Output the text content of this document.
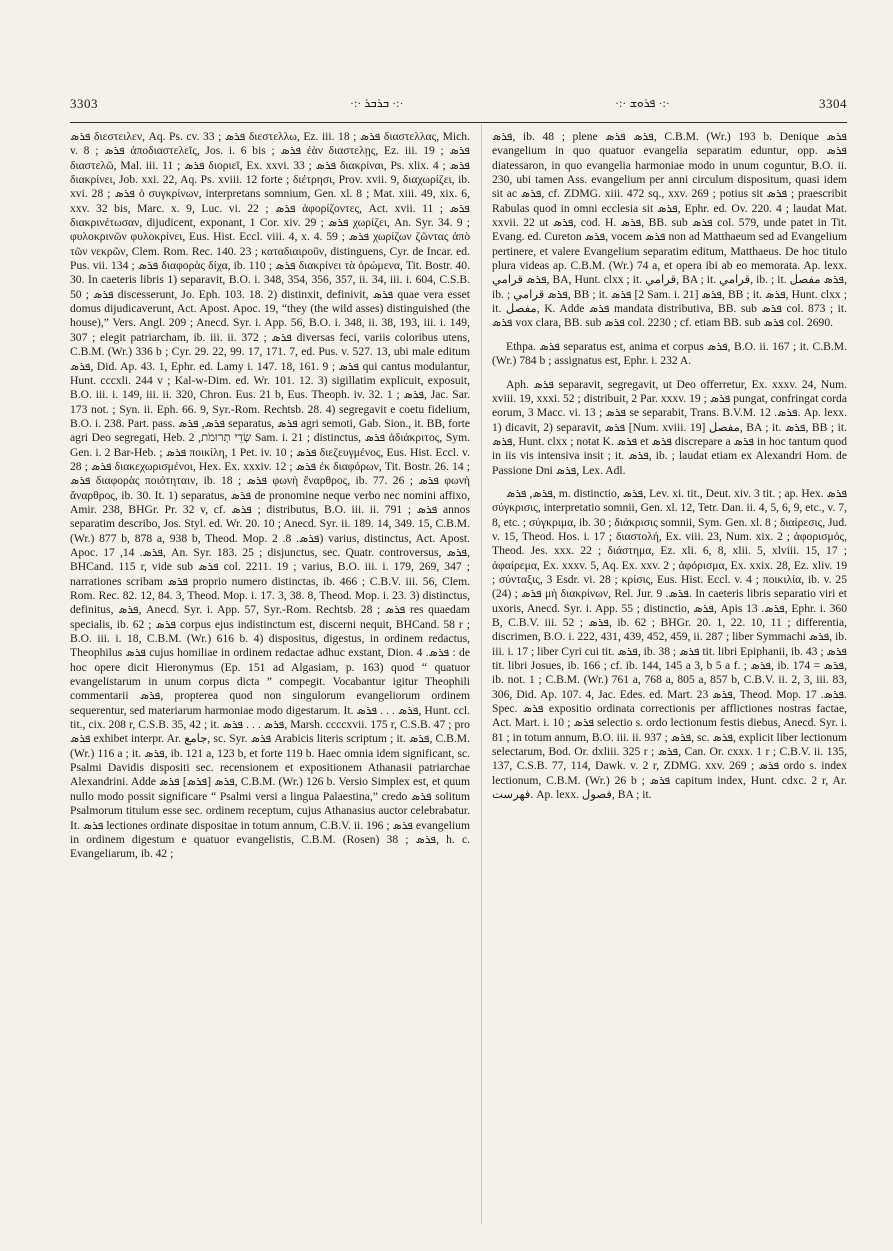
3303	·:· ܒܪܒܪ ·:·	·:· ܦܪܘܫ ·:·	3304

ܦܪܣ διεστειλεν, Aq. Ps. cv. 33 ; ܦܪܣ διεστελλω, Ez. iii. 18 ; ܦܪܣ διαστελλας, Mich. v. 8 ; ܦܪܣ ἀποδιαστελεῖς, Jos. i. 6 bis ; ܦܪܣ ἐὰν διαστελῃς, Ez. iii. 19 ; ܦܪܣ διαστελῶ, Mal. iii. 11 ; ܦܪܣ διοριεῖ, Ex. xxvi. 33 ; ܦܪܣ διακρίναι, Ps. xlix. 4 ; ܦܪܣ διακρίνει, Job. xxi. 22, Aq. Ps. xviii. 12 forte ; διέτρησι, Prov. xvii. 9, διαχωρίζει, ib. xvi. 28 ; ܦܪܣ ὁ συγκρίνων, interpretans somnium, Gen. xl. 8 ; Mat. xiii. 49, xix. 6, xxv. 32 bis, Marc. x. 9, Luc. vi. 22 ; ܦܪܣ ἀφορίζοντες, Act. xvii. 11 ; ܦܪܣ διακρινέτωσαν, dijudicent, exponant, 1 Cor. xiv. 29 ; ܦܪܣ χωρίζει, An. Syr. 34. 9 ; φυλοκρινῶν φυλοκρίνει, Eus. Hist. Eccl. viii. 4, x. 4. 59 ; ܦܪܣ χωρίζων ζῶντας ἀπὸ τῶν νεκρῶν, Clem. Rom. Rec. 140. 23 ; καταδιαιροῦν, distinguens, Cyr. de Incar. ed. Pus. vii. 134 ; ܦܪܣ διαφορὰς δίχα, ib. 110 ; ܦܪܣ διακρίνει τὰ ὁρώμενα, Tit. Bostr. 40. 30. In caeteris libris 1) separavit, B.O. i. 348, 354, 356, 357, ii. 34, iii. i. 604, C.S.B. 50 ; ܦܪܣ discesserunt, Jo. Eph. 103. 18. 2) distinxit, definivit, ܦܪܣ quae vera esset domus dijudicaverunt, Act. Apost. Apoc. 19, “they (the wild asses) distinguished (the house),” Vers. Angl. 209 ; Anecd. Syr. i. App. 56, B.O. i. 348, ii. 38, 193, iii. i. 149, 307 ; elegit patriarcham, ib. iii. ii. 372 ; ܦܪܣ diversas feci, variis coloribus utens, C.B.M. (Wr.) 336 b ; Cyr. 29. 22, 99. 17, 171. 7, ed. Pus. v. 527. 13, ubi male editum ܦܪܣ, Did. Ap. 43. 1, Ephr. ed. Lamy i. 147. 18, 161. 9 ; ܦܪܣ qui cantus modulantur, Hunt. cccxli. 244 v ; Kal-w-Dim. ed. Wr. 101. 12. 3) sigillatim explicuit, exposuit, B.O. iii. i. 149, iii. ii. 320, Chron. Eus. 21 b, Eus. Theoph. iv. 32. 1 ; ܦܪܣ, Jac. Sar. 173 not. ; Syn. ii. Eph. 66. 9, Syr.-Rom. Rechtsb. 28. 4) segregavit e coetu fidelium, B.O. i. 238. Part. pass. ܦܪܣ, ܦܪܣ separatus, ܦܪܣ agri semoti, Gab. Sion., it. BB, forte agri Deo segregati, Heb. שְׂדֵי תְרוּמֹת, 2 Sam. i. 21 ; distinctus, ܦܪܣ ἀδιάκριτος, Sym. Gen. i. 2 Bar-Heb. ; ܦܪܣ ποικίλη, 1 Pet. iv. 10 ; ܦܪܣ διεζευγμένος, Eus. Hist. Eccl. v. 28 ; ܦܪܣ διακεχωρισμένοι, Hex. Ex. xxxiv. 12 ; ܦܪܣ ἐκ διαφόρων, Tit. Bostr. 26. 14 ; ܦܪܣ διαφορὰς ποιότηταιν, ib. 18 ; ܦܪܣ φωνὴ ἔναρθρος, ib. 77. 26 ; ܦܪܣ φωνὴ ἄναρθρος, ib. 30. It. 1) separatus, ܦܪܣ de pronomine neque verbo nec nomini affixo, Amir. 238, BHGr. Pr. 32 v, cf. ܦܪܣ ; distributus, B.O. iii. ii. 791 ; ܦܪܣ annos separatim describo, Jos. Styl. ed. Wr. 20. 10 ; Anecd. Syr. ii. 189. 14, 349. 15, C.B.M. (Wr.) 877 b, 878 a, 938 b, Theod. Mop. ܦܪܣ. 8. 2) varius, distinctus, Act. Apost. Apoc. ܦܪܣ. 14, 17, An. Syr. 183. 25 ; disjunctus, sec. Quatr. controversus, ܦܪܣ, BHCand. 115 r, vide sub ܦܪܣ col. 2211. 19 ; varius, B.O. iii. i. 179, 269, 347 ; narrationes scribam ܦܪܣ proprio numero distinctas, ib. 466 ; C.B.V. iii. 56, Clem. Rom. Rec. 82. 12, 84. 3, Theod. Mop. i. 17. 3, 38. 8, Theod. Mop. i. 23. 3) distinctus, definitus, ܦܪܣ, Anecd. Syr. i. App. 57, Syr.-Rom. Rechtsb. 28 ; ܦܪܣ res quaedam specialis, ib. 62 ; ܦܪܣ corpus ejus indistinctum est, discerni nequit, BHCand. 58 r ; B.O. iii. i. 18, C.B.M. (Wr.) 616 b. 4) dispositus, digestus, in ordinem redactus, Theophilus ܦܪܣ cujus homiliae in ordinem redactae adhuc exstant, Dion. ܦܪܣ. 4 : de hoc opere dicit Hieronymus (Ep. 151 ad Algasiam, p. 163) quod “ quatuor evangelistarum in unum corpus dicta ” compegit. Vocabantur igitur Theophili commentarii ܦܪܣ, propterea quod non singulorum evangeliorum ordinem sequerentur, sed materiarum harmoniae modo digestarum. It. ܦܪܣ . . . ܦܪܣ, Hunt. ccl. tit., cix. 208 r, C.S.B. 35, 42 ; it. ܦܪܣ . . . ܦܪܣ, Marsh. ccccxvii. 175 r, C.S.B. 47 ; pro ܦܪܣ exhibet interpr. Ar. جامع, sc. Syr. ܦܪܣ Arabicis literis scriptum ; it. ܦܪܣ, C.B.M. (Wr.) 116 a ; it. ܦܪܣ, ib. 121 a, 123 b, et forte 119 b. Haec omnia idem significant, sc. Psalmi Davidis dispositi sec. recensionem et expositionem Athanasii patriarchae Alexandrini. Adde ܦܪܣ [ܦܪܣ] ܦܪܣ, C.B.M. (Wr.) 126 b. Versio Simplex est, et quum nullo modo possit significare “ Psalmi versi a lingua Palaestina,” credo ܦܪܣ solitum Psalmorum titulum esse sec. ordinem receptum, cujus Athanasius auctor celebrabatur. It. ܦܪܣ lectiones ordinate dispositae in totum annum, C.B.V. ii. 196 ; ܦܪܣ evangelium in ordinem digestum e quatuor evangelistis, C.B.M. (Rosen) 38 ; ܦܪܣ, h. c. Evangeliarum, ib. 42 ;

ܦܪܣ, ib. 48 ; plene ܦܪܣ ܦܪܣ, C.B.M. (Wr.) 193 b. Denique ܦܪܣ evangelium in quo quatuor evangelia separatim eduntur, opp. ܦܪܣ diatessaron, in quo evangelia harmoniae modo in unum coguntur, B.O. ii. 230, ubi tamen Ass. evangelium per anni circulum dispositum, quasi idem sit ac ܦܪܣ, cf. ZDMG. xiii. 472 sq., xxv. 269 ; potius sit ܦܪܣ ; praescribit Rabulas quod in omni ecclesia sit ܦܪܣ, Ephr. ed. Ov. 220. 4 ; laudat Mat. xxvii. 22 ut ܦܪܣ, cod. H. ܦܪܣ, BB. sub ܦܪܣ col. 579, unde patet in Tit. Evang. ed. Cureton ܦܪܣ, vocem ܦܪܣ non ad Matthaeum sed ad Evangelium pertinere, et valere Evangelium separatim editum, Matthaeus. De hoc titulo plura videas ap. C.B.M. (Wr.) 74 a, et opera ibi ab eo memorata. Ap. lexx. ܦܪܣ قرامي, BA, Hunt. clxx ; it. قرامي, BA ; it. قرامي, ib. ; it. ܦܪܣ مفصل, ib. ; ܦܪܣ قرامي, BB ; it. ܦܪܣ [2 Sam. i. 21] ܦܪܣ, BB ; it. ܦܪܣ, Hunt. clxx ; it. مفصل, K. Adde ܦܪܣ mandata distributiva, BB. sub ܦܪܣ col. 873 ; it. ܦܪܣ vox clara, BB. sub ܦܪܣ col. 2230 ; cf. etiam BB. sub ܦܪܣ col. 2690.

Ethpa. ܦܪܣ separatus est, anima et corpus ܦܪܣ, B.O. ii. 167 ; it. C.B.M. (Wr.) 784 b ; assignatus est, Ephr. i. 232 A.

Aph. ܦܪܣ separavit, segregavit, ut Deo offerretur, Ex. xxxv. 24, Num. xviii. 19, xxxi. 52 ; distribuit, 2 Par. xxxv. 19 ; ܦܪܣ pungat, confringat corda eorum, 3 Macc. vi. 13 ; ܦܪܣ se separabit, Trans. B.V.M. ܦܪܣ. 12. Ap. lexx. 1) dicavit, 2) separavit, ܦܪܣ [Num. xviii. 19] مفصل, BA ; it. ܦܪܣ, BB ; it. ܦܪܣ, Hunt. clxx ; notat K. ܦܪܣ et ܦܪܣ discrepare a ܦܪܣ in hoc tantum quod in iis vis intensiva insit ; it. ܦܪܣ, ib. ; laudat etiam ex Alexandri Hom. de Passione Dni ܦܪܣ, Lex. Adl.

ܦܪܣ, ܦܪܣ, m. distinctio, ܦܪܣ, Lev. xi. tit., Deut. xiv. 3 tit. ; ap. Hex. ܦܪܣ σύγκρισις, interpretatio somnii, Gen. xl. 12, Tetr. Dan. ii. 4, 5, 6, 9, etc., v. 7, 8, etc. ; σύγκριμα, ib. 30 ; διάκρισις somnii, Sym. Gen. xl. 8 ; διαίρεσις, Jud. v. 15, Theod. Hos. i. 17 ; διαστολή, Ex. viii. 23, Num. xix. 2 ; ἀφορισμός, Theod. Jes. xxx. 22 ; διάστημα, Ez. xli. 6, 8, xlii. 5, xlviii. 15, 17 ; ἀφαίρεμα, Ex. xxxv. 5, Aq. Ex. xxv. 2 ; ἀφόρισμα, Ex. xxix. 28, Ez. xliv. 19 ; σύνταξις, 3 Esdr. vi. 28 ; κρίσις, Eus. Hist. Eccl. v. 4 ; ποικιλία, ib. v. 25 (24) ; ܦܪܣ μὴ διακρίνων, Rel. Jur. ܦܪܣ. 9. In caeteris libris separatio viri et uxoris, Anecd. Syr. i. App. 55 ; distinctio, ܦܪܣ, Apis ܦܪܣ. 13, Ephr. i. 360 B, C.B.V. iii. 52 ; ܦܪܣ, ib. 62 ; BHGr. 20. 1, 22. 10, 11 ; differentia, discrimen, B.O. i. 222, 431, 439, 452, 459, ii. 287 ; liber Symmachi ܦܪܣ, ib. iii. i. 17 ; liber Cyri cui tit. ܦܪܣ, ib. 38 ; ܦܪܣ tit. libri Epiphanii, ib. 43 ; ܦܪܣ tit. libri Josues, ib. 166 ; cf. ib. 144, 145 a 3, b 5 a f. ; ܦܪܣ, ib. 174 = ܦܪܣ, ib. not. 1 ; C.B.M. (Wr.) 761 a, 768 a, 805 a, 857 b, C.B.V. ii. 2, 3, iii. 83, 306, Did. Ap. 107. 4, Jac. Edes. ed. Mart. ܦܪܣ 23, Theod. Mop. ܦܪܣ. 17. Spec. ܦܪܣ expositio ordinata correctionis per afflictiones nostras factae, Act. Mart. i. 10 ; ܦܪܣ selectio s. ordo lectionum festis diebus, Anecd. Syr. i. 81 ; in totum annum, B.O. iii. ii. 937 ; ܦܪܣ, sc. ܦܪܣ, explicit liber lectionum selectarum, Bod. Or. dxliii. 325 r ; ܦܪܣ, Can. Or. cxxx. 1 r ; C.B.V. ii. 135, 137, C.S.B. 77, 114, Dawk. v. 2 r, ZDMG. xxv. 269 ; ܦܪܣ ordo s. index lectionum, C.B.M. (Wr.) 26 b ; ܦܪܣ capitum index, Hunt. cdxc. 2 r, Ar. فهرست. Ap. lexx. فصول, BA ; it.
